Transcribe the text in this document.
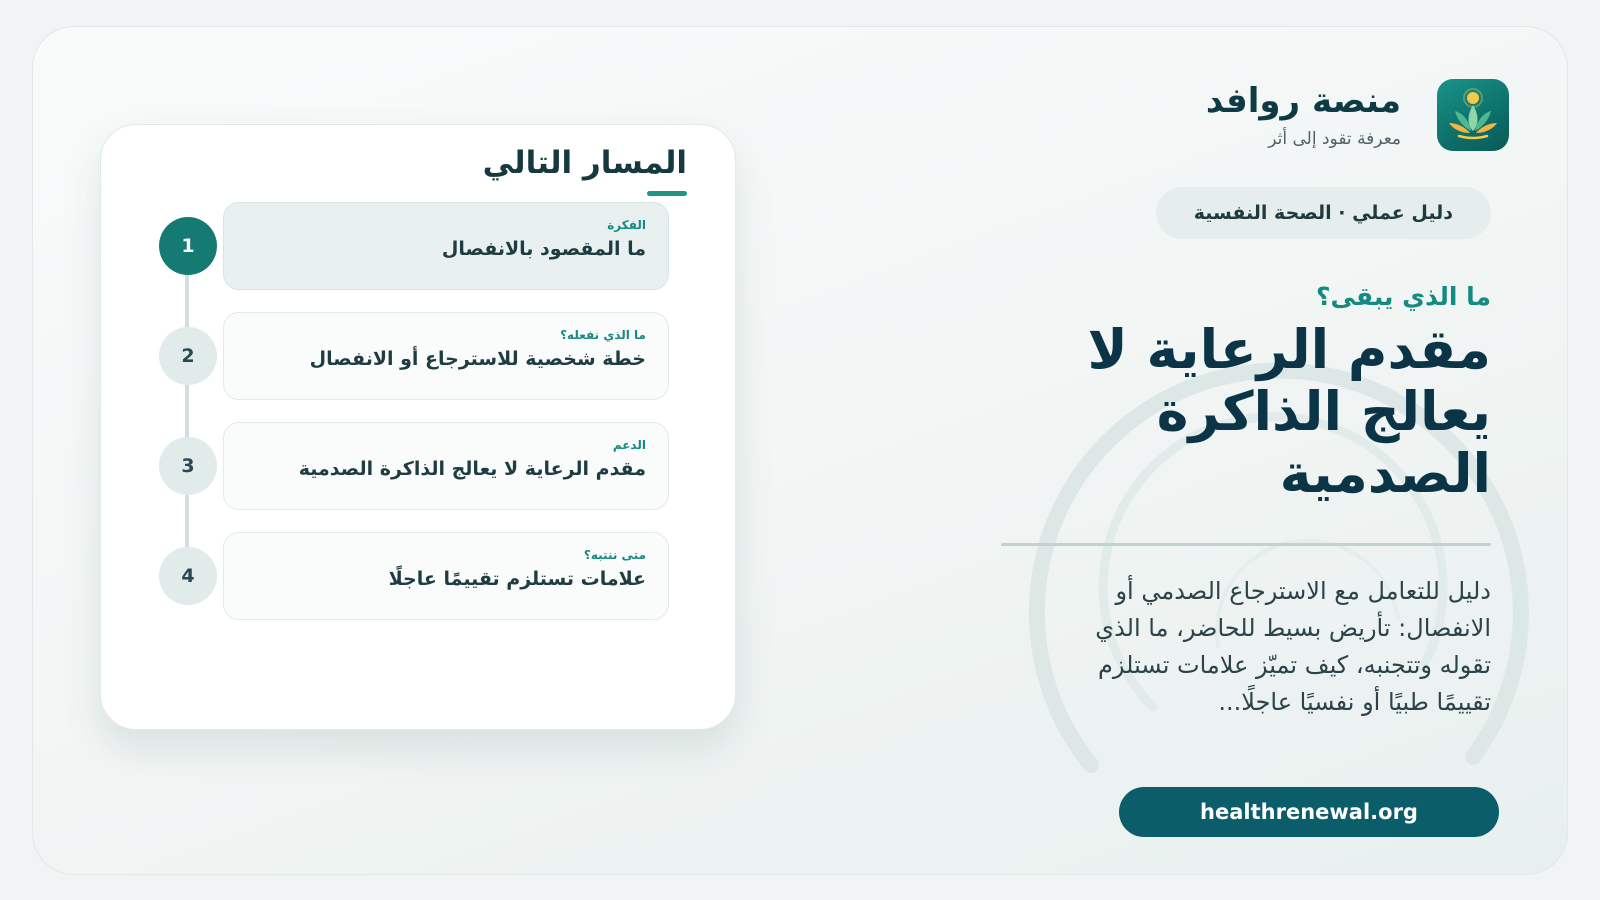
منصة روافد
معرفة تقود إلى أثر
دليل عملي · الصحة النفسية
ما الذي يبقى؟
مقدم الرعاية لا يعالج الذاكرة الصدمية
دليل للتعامل مع الاسترجاع الصدمي أو الانفصال: تأريض بسيط للحاضر، ما الذي تقوله وتتجنبه، كيف تميّز علامات تستلزم تقييمًا طبيًا أو نفسيًا عاجلًا...
healthrenewal.org
المسار التالي
1
الفكرة
ما المقصود بالانفصال
2
ما الذي نفعله؟
خطة شخصية للاسترجاع أو الانفصال
3
الدعم
مقدم الرعاية لا يعالج الذاكرة الصدمية
4
متى ننتبه؟
علامات تستلزم تقييمًا عاجلًا
